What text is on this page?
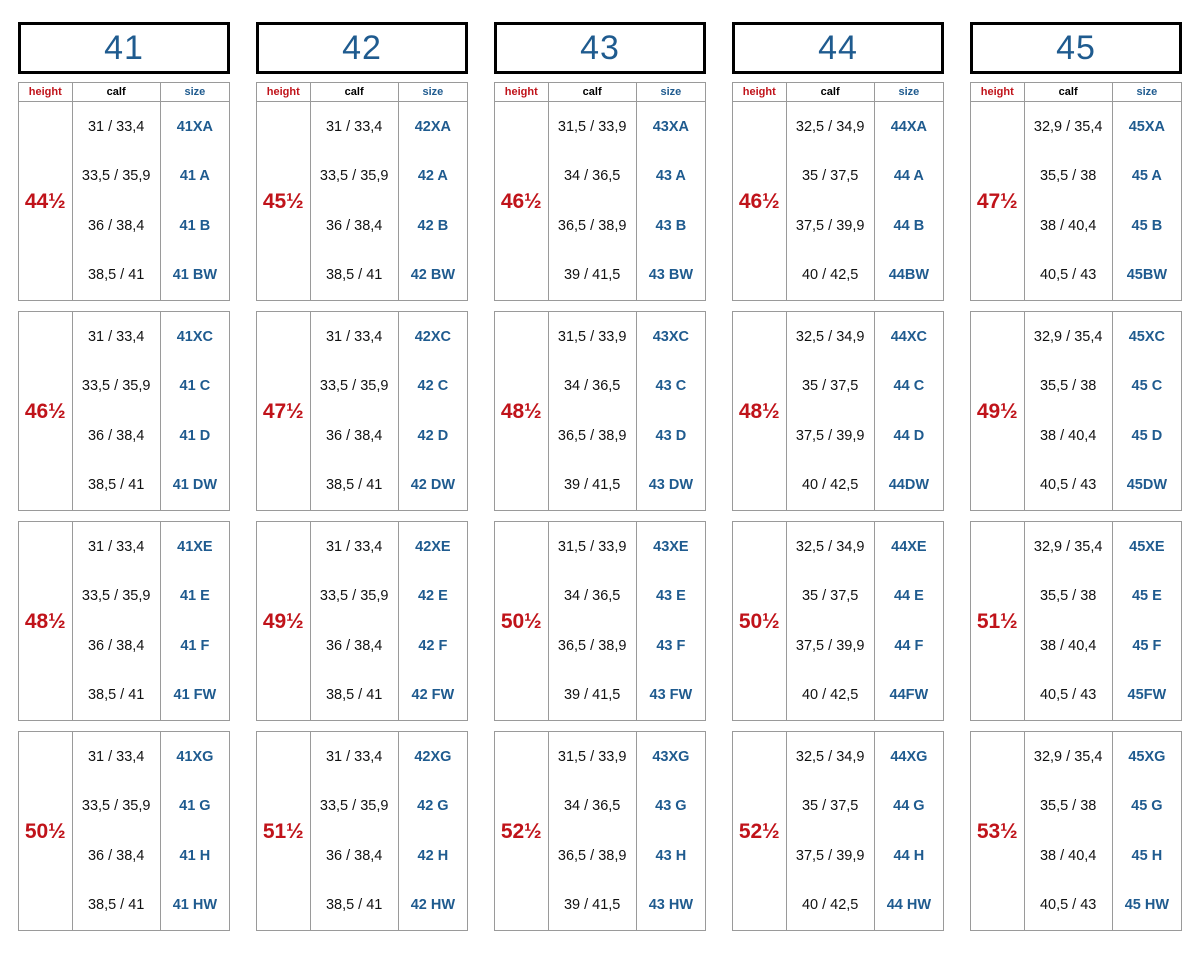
41
height	calf	size
44½
31 / 33,4	41XA
33,5 / 35,9	41 A
36 / 38,4	41 B
38,5 / 41	41 BW
46½
31 / 33,4	41XC
33,5 / 35,9	41 C
36 / 38,4	41 D
38,5 / 41	41 DW
48½
31 / 33,4	41XE
33,5 / 35,9	41 E
36 / 38,4	41 F
38,5 / 41	41 FW
50½
31 / 33,4	41XG
33,5 / 35,9	41 G
36 / 38,4	41 H
38,5 / 41	41 HW
42
height	calf	size
45½
31 / 33,4	42XA
33,5 / 35,9	42 A
36 / 38,4	42 B
38,5 / 41	42 BW
47½
31 / 33,4	42XC
33,5 / 35,9	42 C
36 / 38,4	42 D
38,5 / 41	42 DW
49½
31 / 33,4	42XE
33,5 / 35,9	42 E
36 / 38,4	42 F
38,5 / 41	42 FW
51½
31 / 33,4	42XG
33,5 / 35,9	42 G
36 / 38,4	42 H
38,5 / 41	42 HW
43
height	calf	size
46½
31,5 / 33,9	43XA
34 / 36,5	43 A
36,5 / 38,9	43 B
39 / 41,5	43 BW
48½
31,5 / 33,9	43XC
34 / 36,5	43 C
36,5 / 38,9	43 D
39 / 41,5	43 DW
50½
31,5 / 33,9	43XE
34 / 36,5	43 E
36,5 / 38,9	43 F
39 / 41,5	43 FW
52½
31,5 / 33,9	43XG
34 / 36,5	43 G
36,5 / 38,9	43 H
39 / 41,5	43 HW
44
height	calf	size
46½
32,5 / 34,9	44XA
35 / 37,5	44 A
37,5 / 39,9	44 B
40 / 42,5	44BW
48½
32,5 / 34,9	44XC
35 / 37,5	44 C
37,5 / 39,9	44 D
40 / 42,5	44DW
50½
32,5 / 34,9	44XE
35 / 37,5	44 E
37,5 / 39,9	44 F
40 / 42,5	44FW
52½
32,5 / 34,9	44XG
35 / 37,5	44 G
37,5 / 39,9	44 H
40 / 42,5	44 HW
45
height	calf	size
47½
32,9 / 35,4	45XA
35,5 / 38	45 A
38 / 40,4	45 B
40,5 / 43	45BW
49½
32,9 / 35,4	45XC
35,5 / 38	45 C
38 / 40,4	45 D
40,5 / 43	45DW
51½
32,9 / 35,4	45XE
35,5 / 38	45 E
38 / 40,4	45 F
40,5 / 43	45FW
53½
32,9 / 35,4	45XG
35,5 / 38	45 G
38 / 40,4	45 H
40,5 / 43	45 HW
